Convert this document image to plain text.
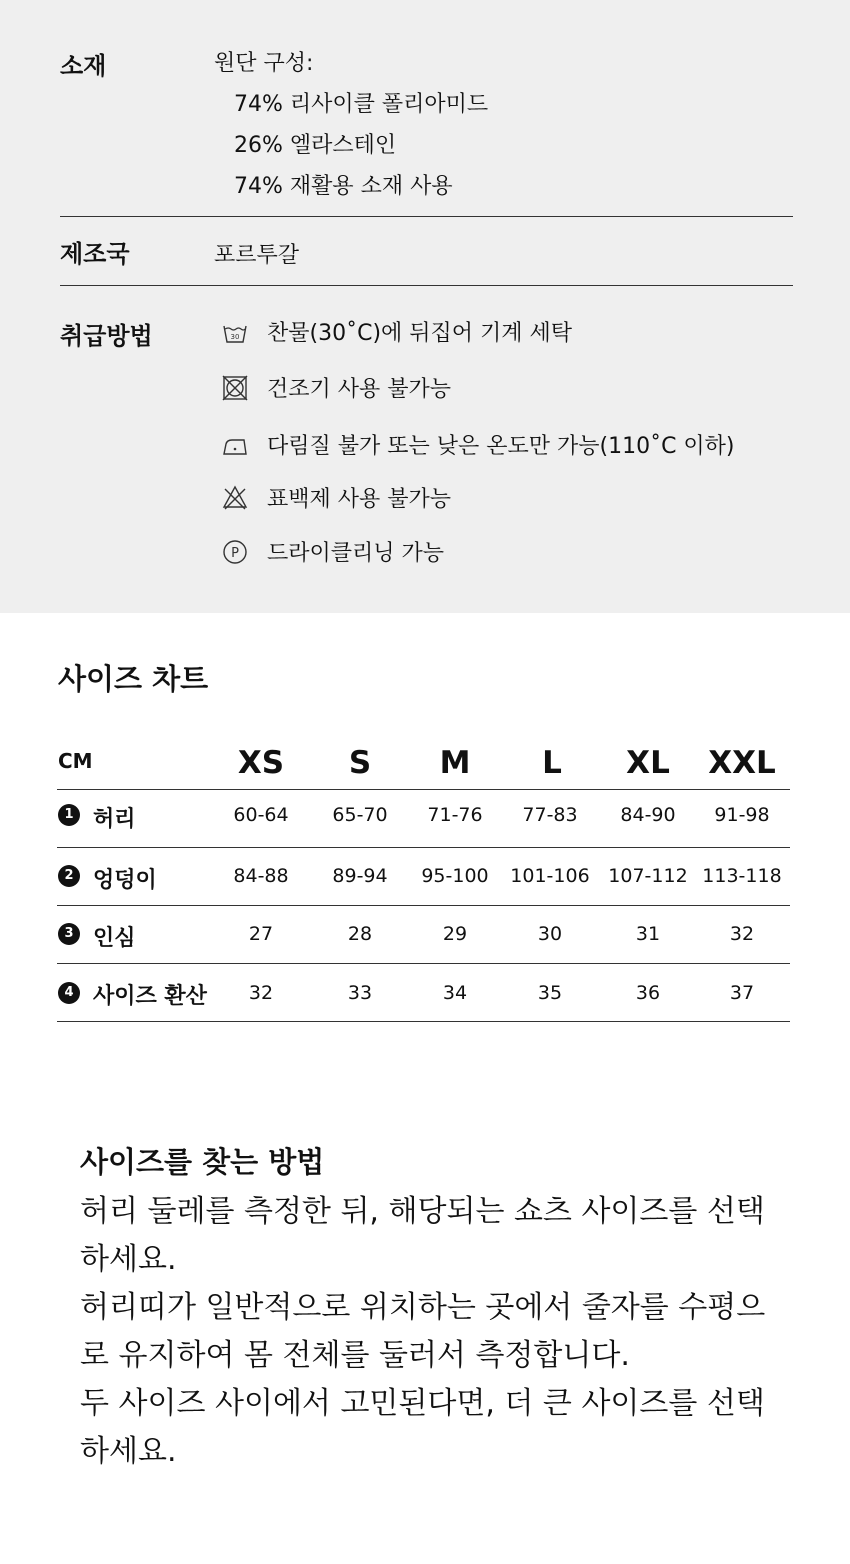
소재	원단 구성:
74% 리사이클 폴리아미드
26% 엘라스테인
74% 재활용 소재 사용
제조국	포르투갈
취급방법	30 찬물(30˚C)에 뒤집어 기계 세탁
건조기 사용 불가능
다림질 불가 또는 낮은 온도만 가능(110˚C 이하)
표백제 사용 불가능
P 드라이클리닝 가능
사이즈 차트
CM	XS	S	M	L	XL	XXL
1 허리	60-64	65-70	71-76	77-83	84-90	91-98
2 엉덩이	84-88	89-94	95-100	101-106 107-112 113-118
3 인심	27	28	29	30	31	32
4 사이즈 환산	32	33	34	35	36	37
사이즈를 찾는 방법

허리 둘레를 측정한 뒤, 해당되는 쇼츠 사이즈를 선택하세요.

허리띠가 일반적으로 위치하는 곳에서 줄자를 수평으로 유지하여 몸 전체를 둘러서 측정합니다.

두 사이즈 사이에서 고민된다면, 더 큰 사이즈를 선택하세요.
